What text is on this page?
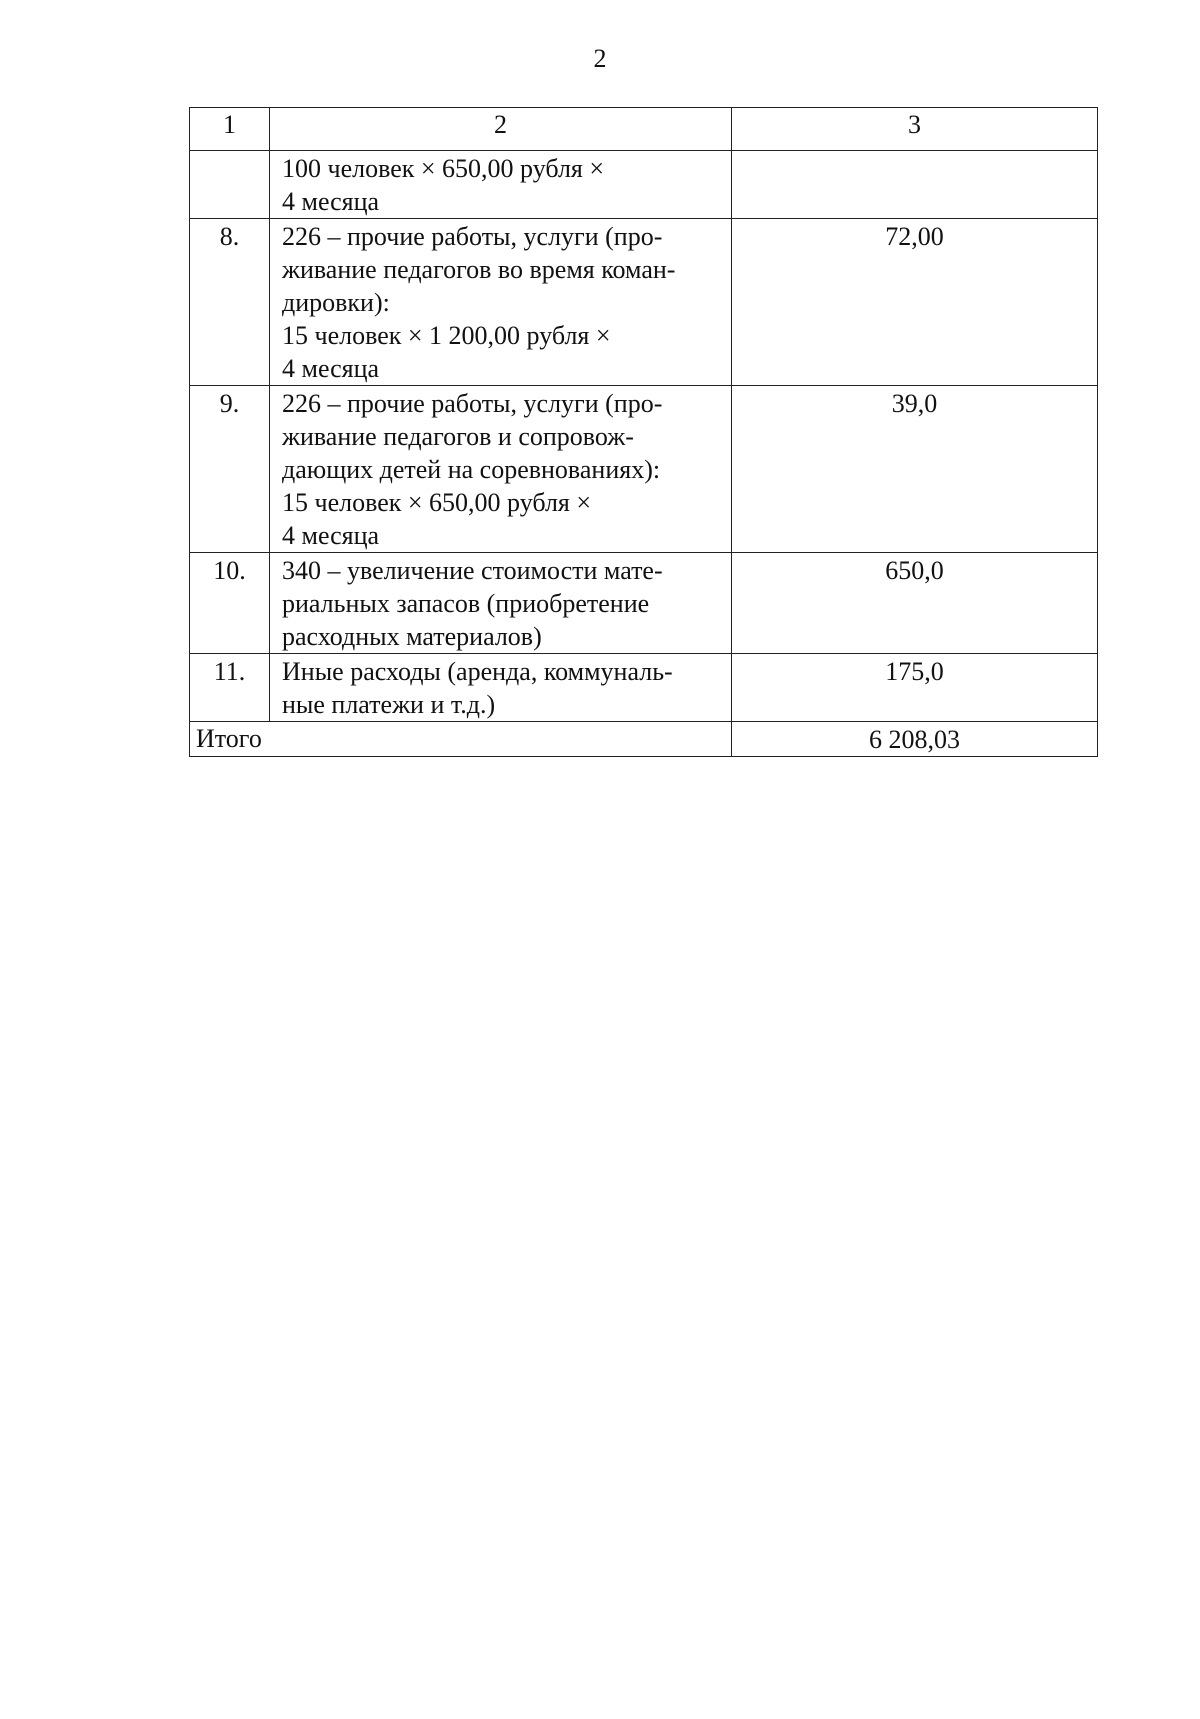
2
1	2	3

	100 человек × 650,00 рубля ×
4 месяца	

8.	226 – прочие работы, услуги (про-
живание педагогов во время коман-
дировки):
15 человек × 1 200,00 рубля ×
4 месяца	72,00
9.	226 – прочие работы, услуги (про-
живание педагогов и сопровож-
дающих детей на соревнованиях):
15 человек × 650,00 рубля ×
4 месяца	39,0
10.	340 – увеличение стоимости мате-
риальных запасов (приобретение
расходных материалов)	650,0
11.	Иные расходы (аренда, коммуналь-
ные платежи и т.д.)	175,0
Итого		6 208,03
